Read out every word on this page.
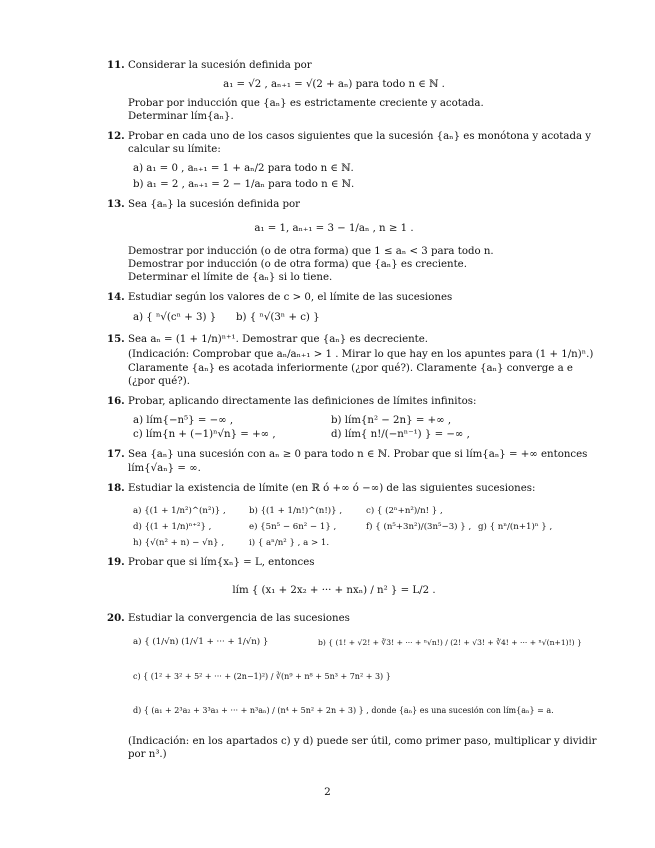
11. Considerar la sucesión definida por
a₁ = √2 , aₙ₊₁ = √(2 + aₙ) para todo n ∈ ℕ .
Probar por inducción que {aₙ} es estrictamente creciente y acotada.
Determinar lím{aₙ}.
12. Probar en cada uno de los casos siguientes que la sucesión {aₙ} es monótona y acotada y
calcular su límite:
a) a₁ = 0 , aₙ₊₁ = 1 + aₙ/2 para todo n ∈ ℕ.
b) a₁ = 2 , aₙ₊₁ = 2 − 1/aₙ para todo n ∈ ℕ.
13. Sea {aₙ} la sucesión definida por
a₁ = 1, aₙ₊₁ = 3 − 1/aₙ , n ≥ 1 .
Demostrar por inducción (o de otra forma) que 1 ≤ aₙ < 3 para todo n.
Demostrar por inducción (o de otra forma) que {aₙ} es creciente.
Determinar el límite de {aₙ} si lo tiene.
14. Estudiar según los valores de c > 0, el límite de las sucesiones
a) { ⁿ√(cⁿ + 3) } b) { ⁿ√(3ⁿ + c) }
15. Sea aₙ = (1 + 1/n)ⁿ⁺¹. Demostrar que {aₙ} es decreciente.
(Indicación: Comprobar que aₙ/aₙ₊₁ > 1 . Mirar lo que hay en los apuntes para (1 + 1/n)ⁿ.)
Claramente {aₙ} es acotada inferiormente (¿por qué?). Claramente {aₙ} converge a e
(¿por qué?).
16. Probar, aplicando directamente las definiciones de límites infinitos:
a) lím{−n⁵} = −∞ ,	b) lím{n² − 2n} = +∞ ,
c) lím{n + (−1)ⁿ√n} = +∞ ,	d) lím{ n!/(−nⁿ⁻¹) } = −∞ ,
17. Sea {aₙ} una sucesión con aₙ ≥ 0 para todo n ∈ ℕ. Probar que si lím{aₙ} = +∞ entonces
lím{√aₙ} = ∞.
18. Estudiar la existencia de límite (en ℝ ó +∞ ó −∞) de las siguientes sucesiones:
a) {(1 + 1/n²)^(n²)} ,	b) {(1 + 1/n!)^(n!)} ,	c) { (2ⁿ+n²)/n! } ,
d) {(1 + 1/n)ⁿ⁺²} ,	e) {5n⁵ − 6n² − 1} ,	f) { (n⁵+3n²)/(3n⁵−3) } , g) { nⁿ/(n+1)ⁿ } ,
h) {√(n² + n) − √n} ,	i) { aⁿ/n² } , a > 1.
19. Probar que si lím{xₙ} = L, entonces
lím { (x₁ + 2x₂ + ··· + nxₙ) / n² } = L/2 .
20. Estudiar la convergencia de las sucesiones
a) { (1/√n) (1/√1 + ··· + 1/√n) }	b) { (1! + √2! + ∛3! + ··· + ⁿ√n!) / (2! + √3! + ∛4! + ··· + ⁿ√(n+1)!) }
c) { (1² + 3² + 5² + ··· + (2n−1)²) / ∛(n⁹ + n⁸ + 5n³ + 7n² + 3) }
d) { (a₁ + 2³a₂ + 3³a₃ + ··· + n³aₙ) / (n⁴ + 5n² + 2n + 3) } , donde {aₙ} es una sucesión con lím{aₙ} = a.
(Indicación: en los apartados c) y d) puede ser útil, como primer paso, multiplicar y dividir
por n³.)
2
